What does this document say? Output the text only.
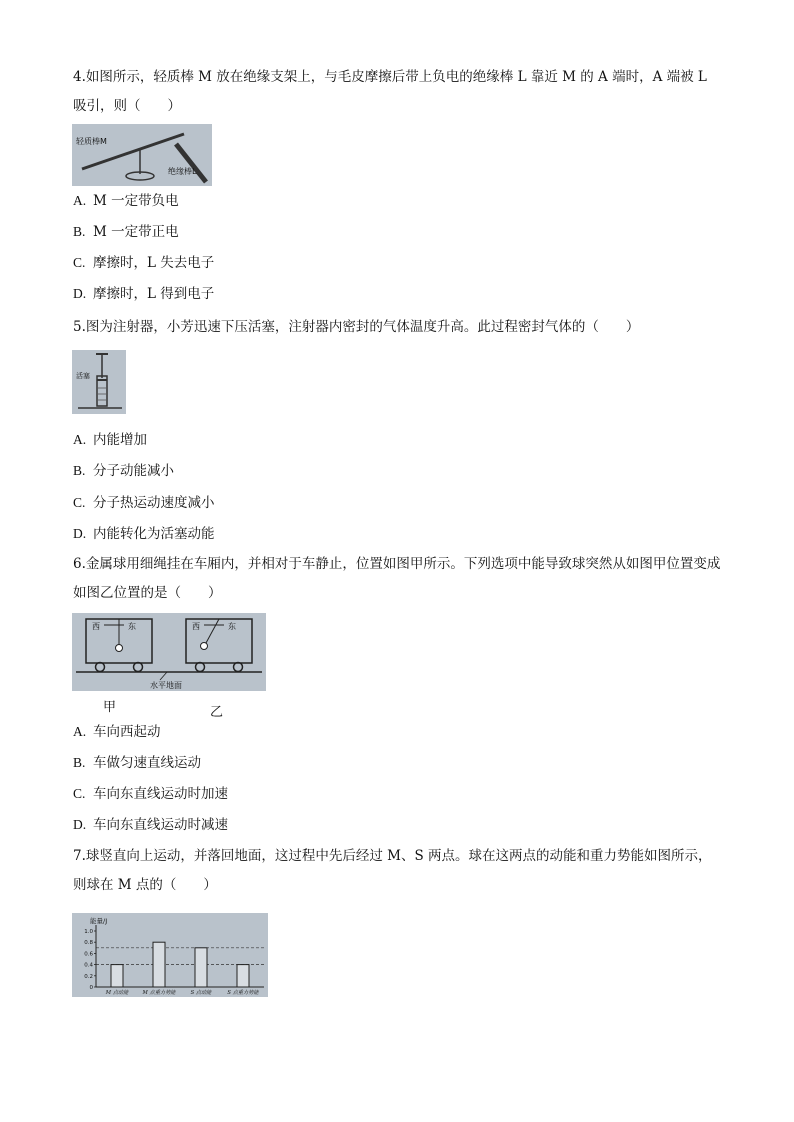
4.如图所示，轻质棒 M 放在绝缘支架上，与毛皮摩擦后带上负电的绝缘棒 L 靠近 M 的 A 端时，A 端被 L 吸引，则（　　）

轻质棒M
绝缘棒L

A. M 一定带负电

B. M 一定带正电

C. 摩擦时，L 失去电子

D. 摩擦时，L 得到电子

5.图为注射器，小芳迅速下压活塞，注射器内密封的气体温度升高。此过程密封气体的（　　）

活塞

A. 内能增加

B. 分子动能减小

C. 分子热运动速度减小

D. 内能转化为活塞动能

6.金属球用细绳挂在车厢内，并相对于车静止，位置如图甲所示。下列选项中能导致球突然从如图甲位置变成如图乙位置的是（　　）

西	东	西	东
水平地面
甲	乙

A. 车向西起动

B. 车做匀速直线运动

C. 车向东直线运动时加速

D. 车向东直线运动时减速

7.球竖直向上运动，并落回地面，这过程中先后经过 M、S 两点。球在这两点的动能和重力势能如图所示，则球在 M 点的（　　）

0
0.2
0.4
0.6
0.8
1.0
M 点动能	M 点重力势能	S 点动能	S 点重力势能
能量/J
